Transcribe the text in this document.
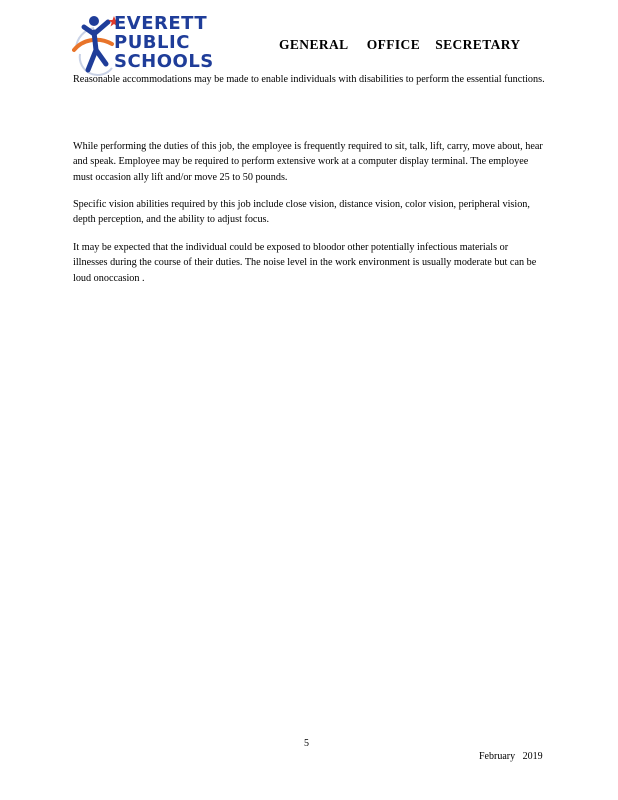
EVERETT
PUBLIC
SCHOOLS
GENERAL     OFFICE    SECRETARY

Reasonable accommodations may be made to enable individuals with disabilities to perform the essential functions.

While performing the duties of this job, the employee is frequently required to sit, talk, lift, carry, move about, hear and speak. Employee may be required to perform extensive work at a computer display terminal. The employee must occasion ally lift and/or move 25 to 50 pounds.

Specific vision abilities required by this job include close vision, distance vision, color vision, peripheral vision, depth perception, and the ability to adjust focus.

It may be expected that the individual could be exposed to bloodor other potentially infectious materials or illnesses during the course of their duties. The noise level in the work environment is usually moderate but can be loud onoccasion .

5
February   2019
